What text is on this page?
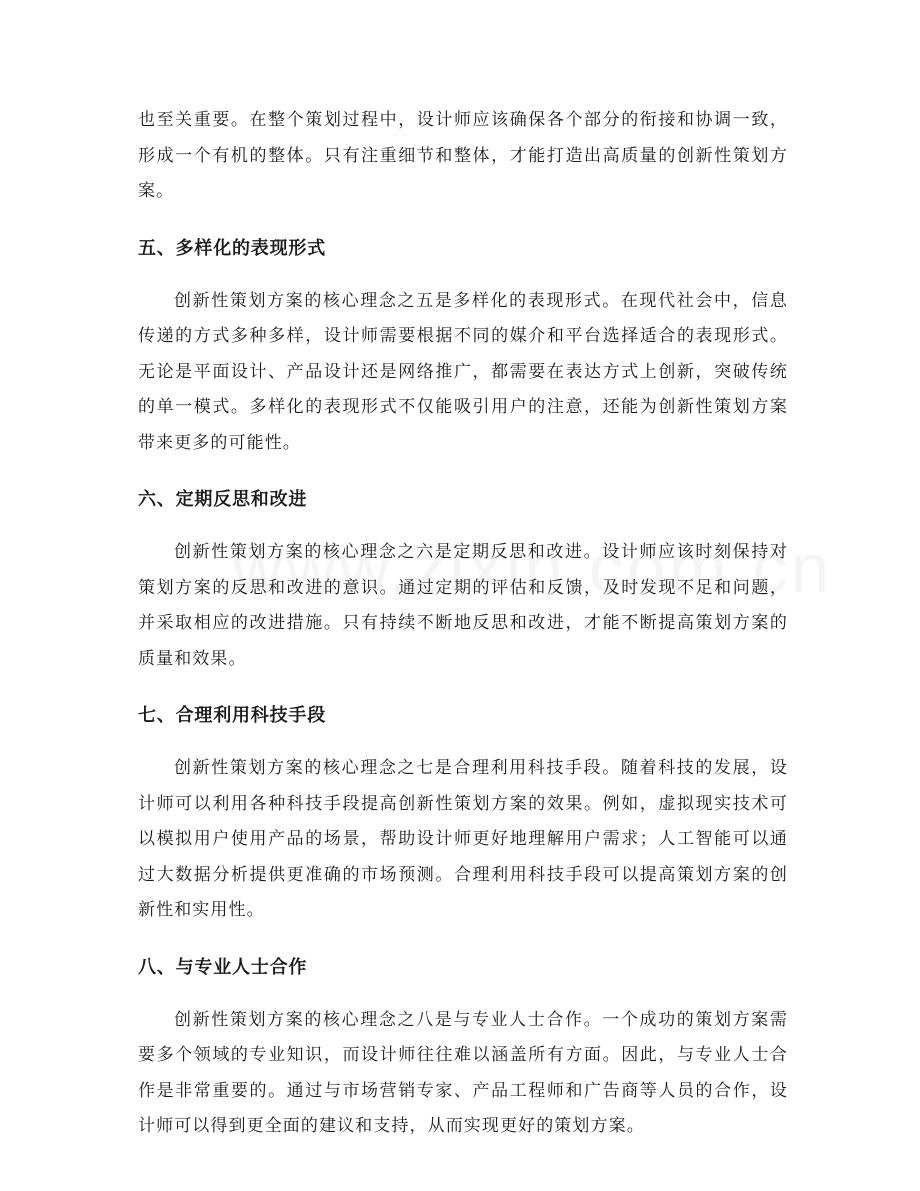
也至关重要。在整个策划过程中，设计师应该确保各个部分的衔接和协调一致，形成一个有机的整体。只有注重细节和整体，才能打造出高质量的创新性策划方案。

五、多样化的表现形式

创新性策划方案的核心理念之五是多样化的表现形式。在现代社会中，信息传递的方式多种多样，设计师需要根据不同的媒介和平台选择适合的表现形式。无论是平面设计、产品设计还是网络推广，都需要在表达方式上创新，突破传统的单一模式。多样化的表现形式不仅能吸引用户的注意，还能为创新性策划方案带来更多的可能性。

六、定期反思和改进

创新性策划方案的核心理念之六是定期反思和改进。设计师应该时刻保持对策划方案的反思和改进的意识。通过定期的评估和反馈，及时发现不足和问题，并采取相应的改进措施。只有持续不断地反思和改进，才能不断提高策划方案的质量和效果。

七、合理利用科技手段

创新性策划方案的核心理念之七是合理利用科技手段。随着科技的发展，设计师可以利用各种科技手段提高创新性策划方案的效果。例如，虚拟现实技术可以模拟用户使用产品的场景，帮助设计师更好地理解用户需求；人工智能可以通过大数据分析提供更准确的市场预测。合理利用科技手段可以提高策划方案的创新性和实用性。

八、与专业人士合作

创新性策划方案的核心理念之八是与专业人士合作。一个成功的策划方案需要多个领域的专业知识，而设计师往往难以涵盖所有方面。因此，与专业人士合作是非常重要的。通过与市场营销专家、产品工程师和广告商等人员的合作，设计师可以得到更全面的建议和支持，从而实现更好的策划方案。
